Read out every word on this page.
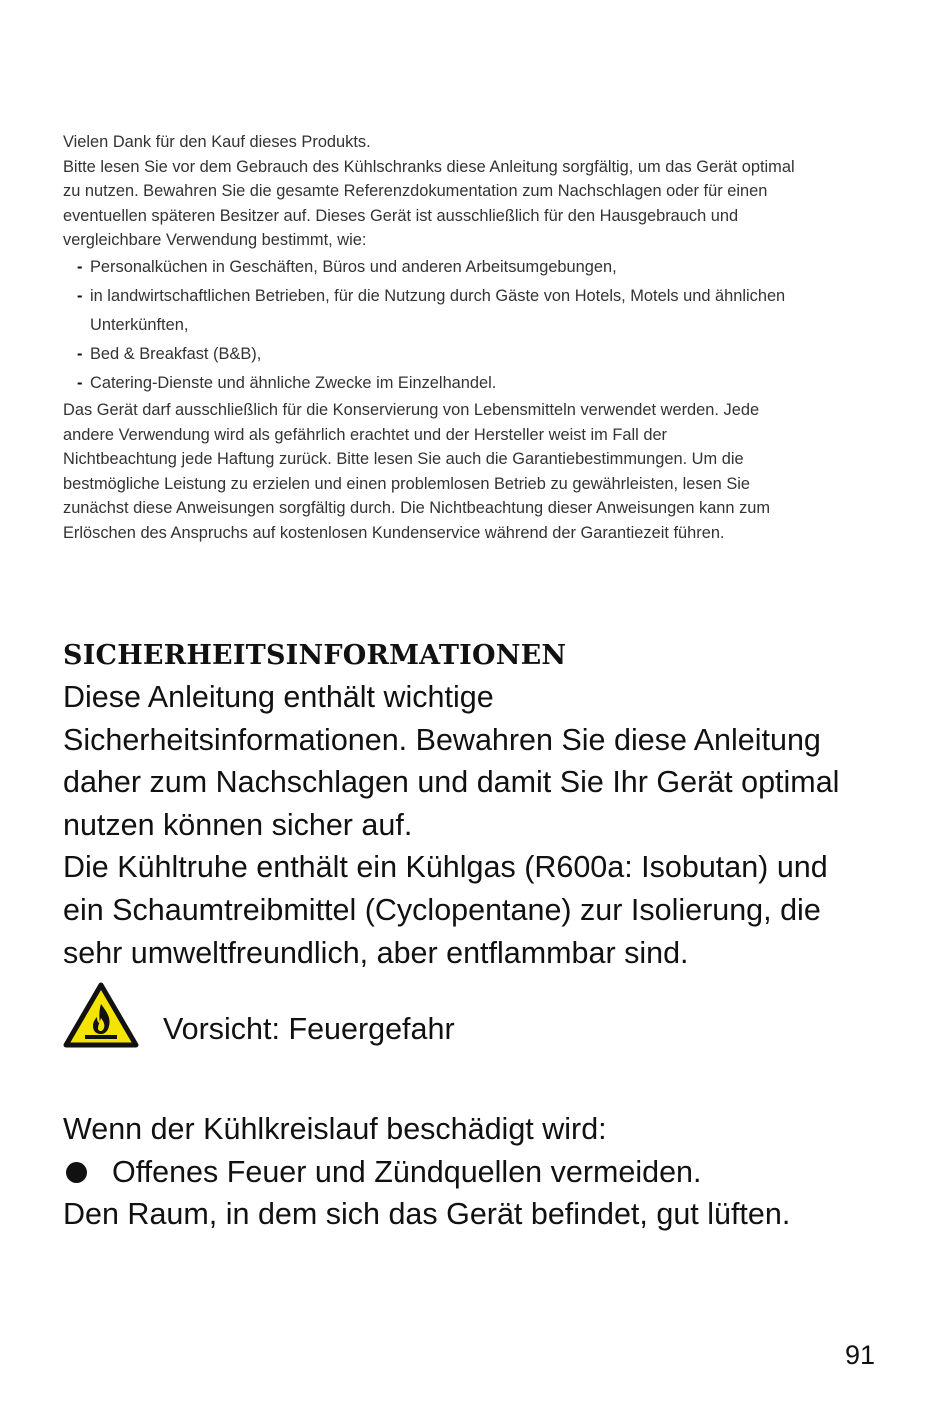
Vielen Dank für den Kauf dieses Produkts.
Bitte lesen Sie vor dem Gebrauch des Kühlschranks diese Anleitung sorgfältig, um das Gerät optimal
zu nutzen. Bewahren Sie die gesamte Referenzdokumentation zum Nachschlagen oder für einen
eventuellen späteren Besitzer auf. Dieses Gerät ist ausschließlich für den Hausgebrauch und
vergleichbare Verwendung bestimmt, wie:

- Personalküchen in Geschäften, Büros und anderen Arbeitsumgebungen,
- in landwirtschaftlichen Betrieben, für die Nutzung durch Gäste von Hotels, Motels und ähnlichen Unterkünften,
- Bed & Breakfast (B&B),
- Catering-Dienste und ähnliche Zwecke im Einzelhandel.

Das Gerät darf ausschließlich für die Konservierung von Lebensmitteln verwendet werden. Jede
andere Verwendung wird als gefährlich erachtet und der Hersteller weist im Fall der
Nichtbeachtung jede Haftung zurück. Bitte lesen Sie auch die Garantiebestimmungen. Um die
bestmögliche Leistung zu erzielen und einen problemlosen Betrieb zu gewährleisten, lesen Sie
zunächst diese Anweisungen sorgfältig durch. Die Nichtbeachtung dieser Anweisungen kann zum
Erlöschen des Anspruchs auf kostenlosen Kundenservice während der Garantiezeit führen.

SICHERHEITSINFORMATIONEN

Diese Anleitung enthält wichtige
Sicherheitsinformationen. Bewahren Sie diese Anleitung
daher zum Nachschlagen und damit Sie Ihr Gerät optimal
nutzen können sicher auf.

Die Kühltruhe enthält ein Kühlgas (R600a: Isobutan) und
ein Schaumtreibmittel (Cyclopentane) zur Isolierung, die
sehr umweltfreundlich, aber entflammbar sind.

Vorsicht: Feuergefahr

Wenn der Kühlkreislauf beschädigt wird:

Offenes Feuer und Zündquellen vermeiden.

Den Raum, in dem sich das Gerät befindet, gut lüften.

91
